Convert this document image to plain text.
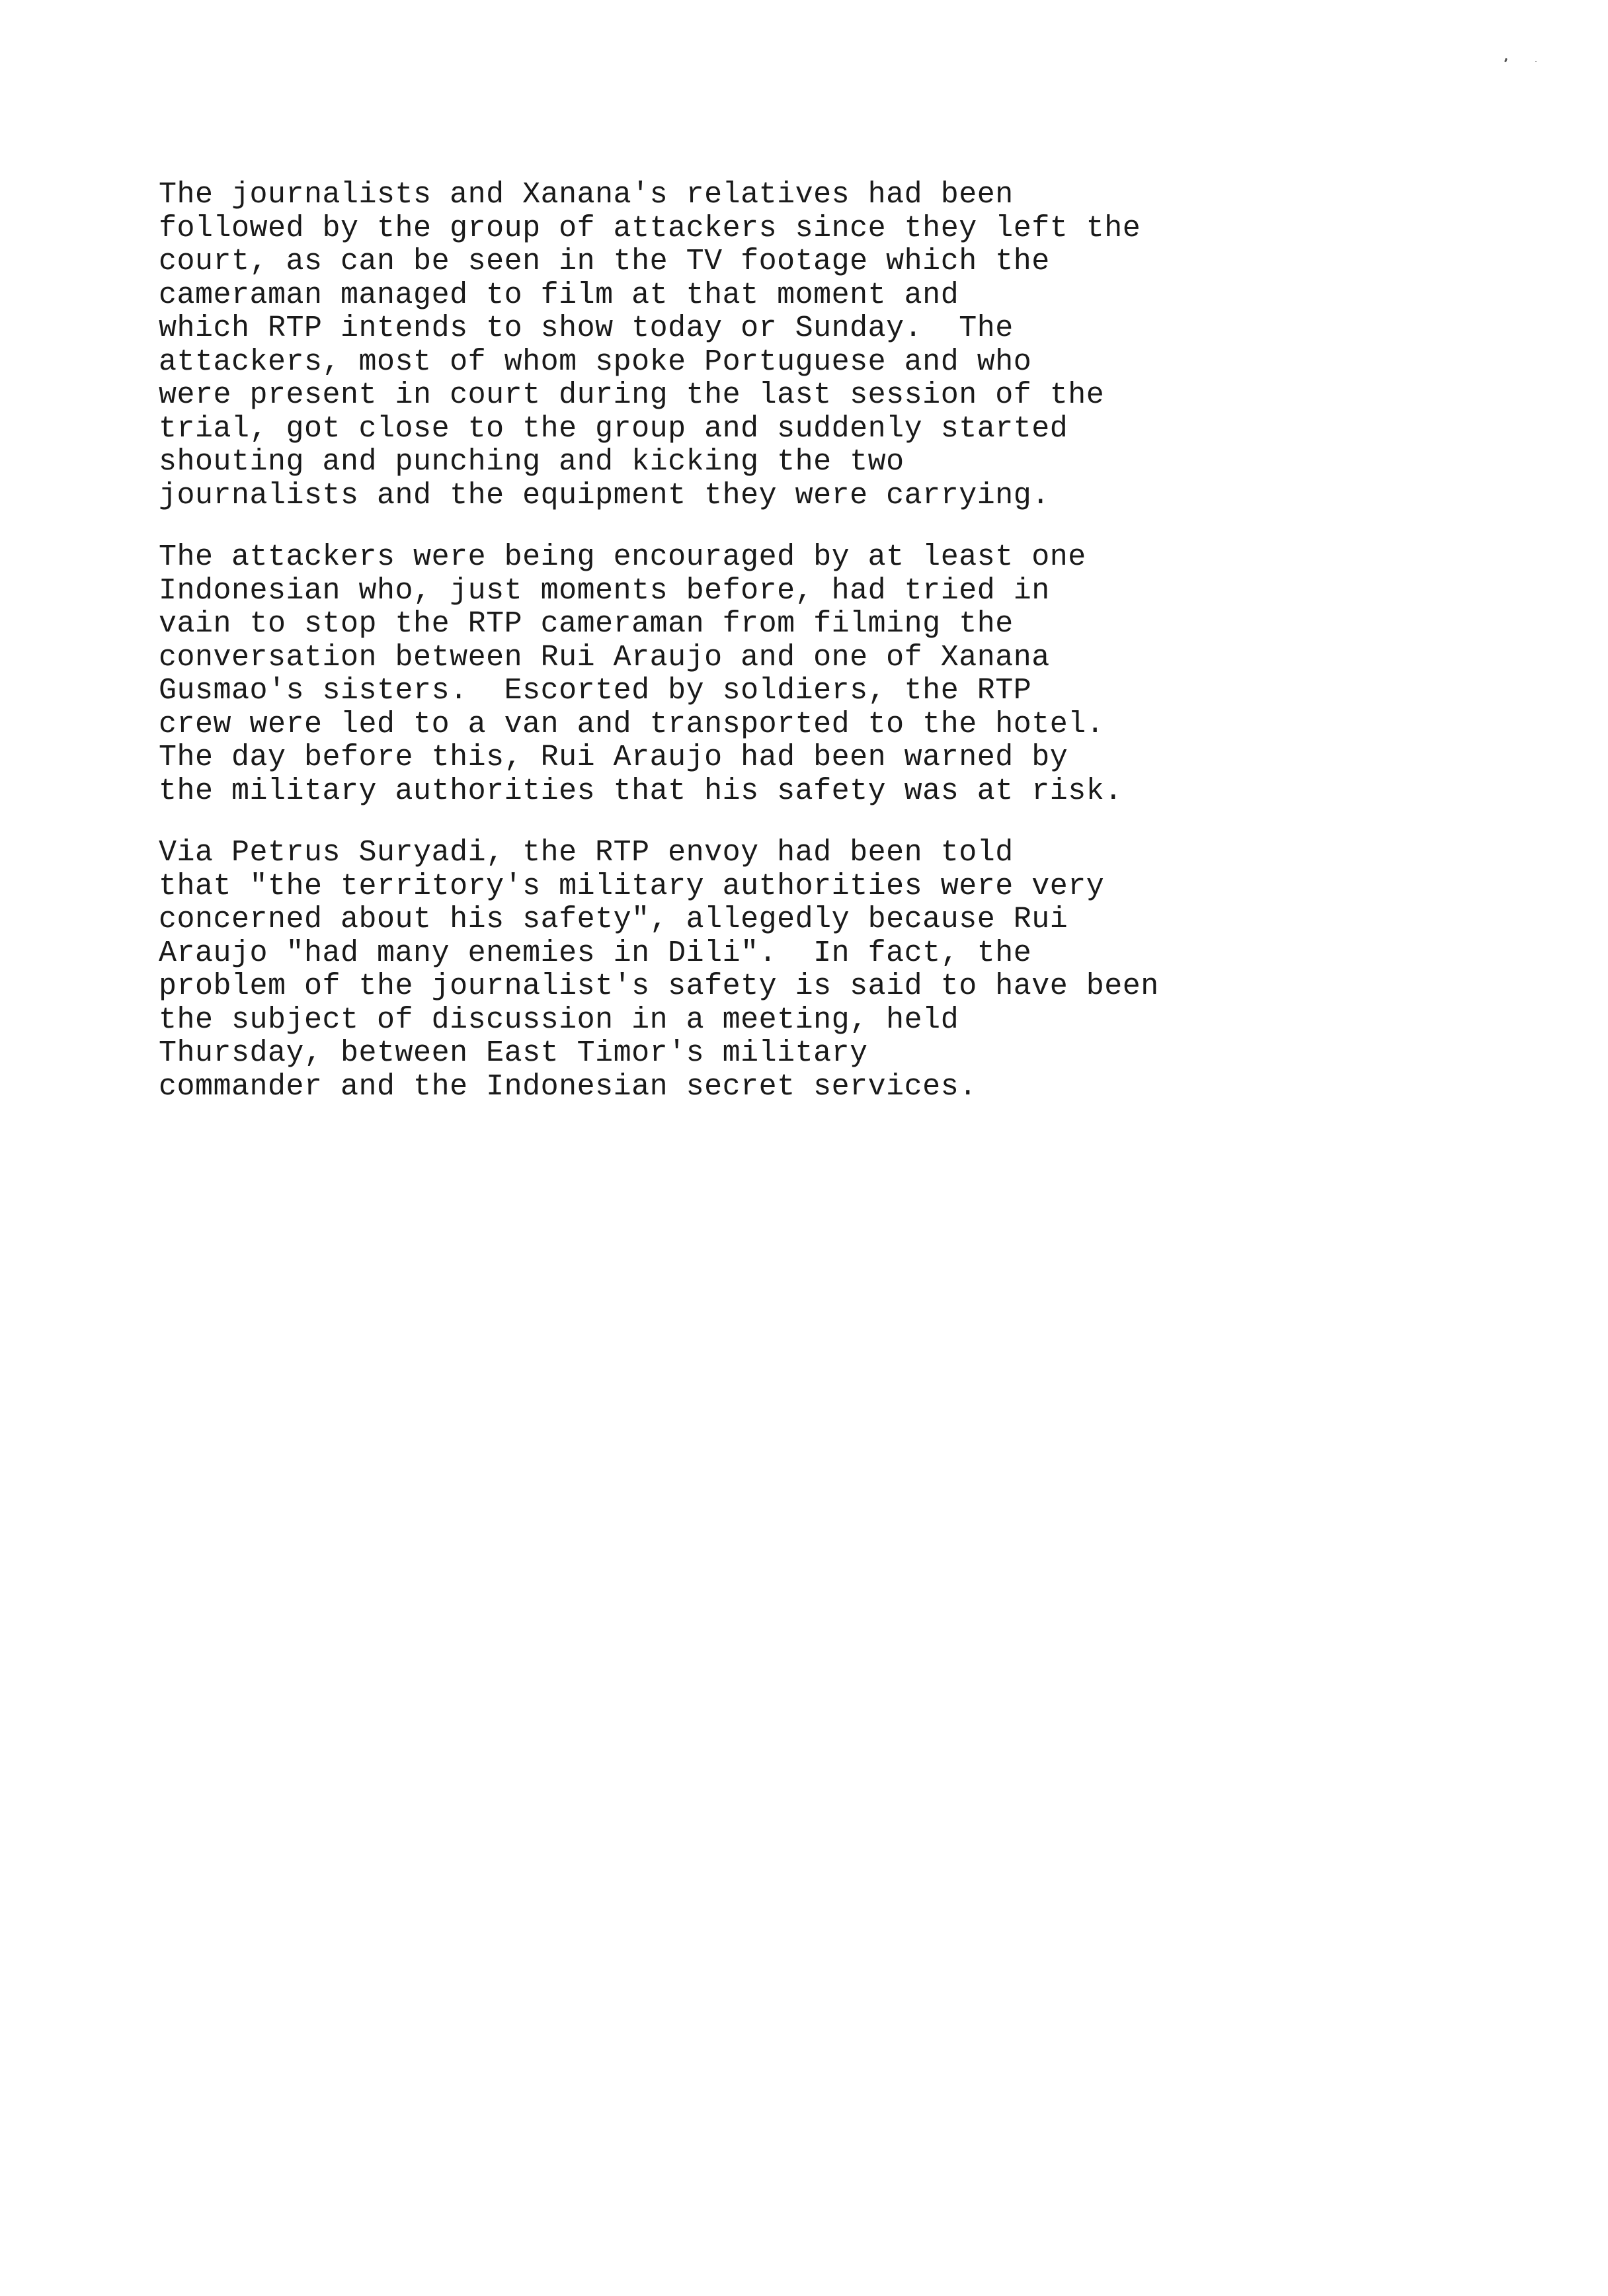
The journalists and Xanana's relatives had been
followed by the group of attackers since they left the
court, as can be seen in the TV footage which the
cameraman managed to film at that moment and
which RTP intends to show today or Sunday.  The
attackers, most of whom spoke Portuguese and who
were present in court during the last session of the
trial, got close to the group and suddenly started
shouting and punching and kicking the two
journalists and the equipment they were carrying.
The attackers were being encouraged by at least one
Indonesian who, just moments before, had tried in
vain to stop the RTP cameraman from filming the
conversation between Rui Araujo and one of Xanana
Gusmao's sisters.  Escorted by soldiers, the RTP
crew were led to a van and transported to the hotel.
The day before this, Rui Araujo had been warned by
the military authorities that his safety was at risk.
Via Petrus Suryadi, the RTP envoy had been told
that "the territory's military authorities were very
concerned about his safety", allegedly because Rui
Araujo "had many enemies in Dili".  In fact, the
problem of the journalist's safety is said to have been
the subject of discussion in a meeting, held
Thursday, between East Timor's military
commander and the Indonesian secret services.
